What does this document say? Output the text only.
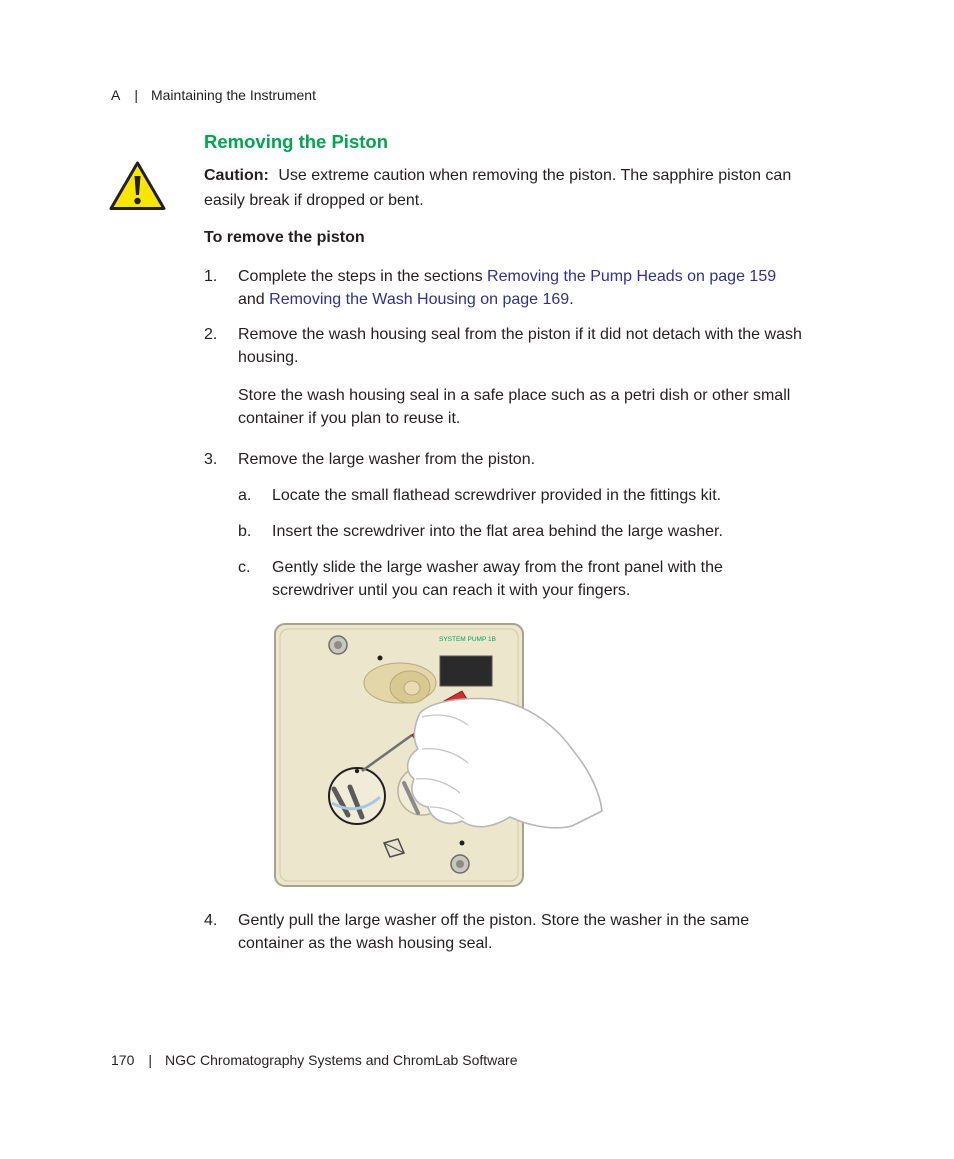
A | Maintaining the Instrument
Removing the Piston
Caution: Use extreme caution when removing the piston. The sapphire piston can easily break if dropped or bent.
To remove the piston
1. Complete the steps in the sections Removing the Pump Heads on page 159
and Removing the Wash Housing on page 169.
2. Remove the wash housing seal from the piston if it did not detach with the wash housing.
Store the wash housing seal in a safe place such as a petri dish or other small container if you plan to reuse it.
3. Remove the large washer from the piston.
a. Locate the small flathead screwdriver provided in the fittings kit.
b. Insert the screwdriver into the flat area behind the large washer.
c. Gently slide the large washer away from the front panel with the screwdriver until you can reach it with your fingers.
SYSTEM PUMP 1B
4. Gently pull the large washer off the piston. Store the washer in the same container as the wash housing seal.
170 | NGC Chromatography Systems and ChromLab Software
